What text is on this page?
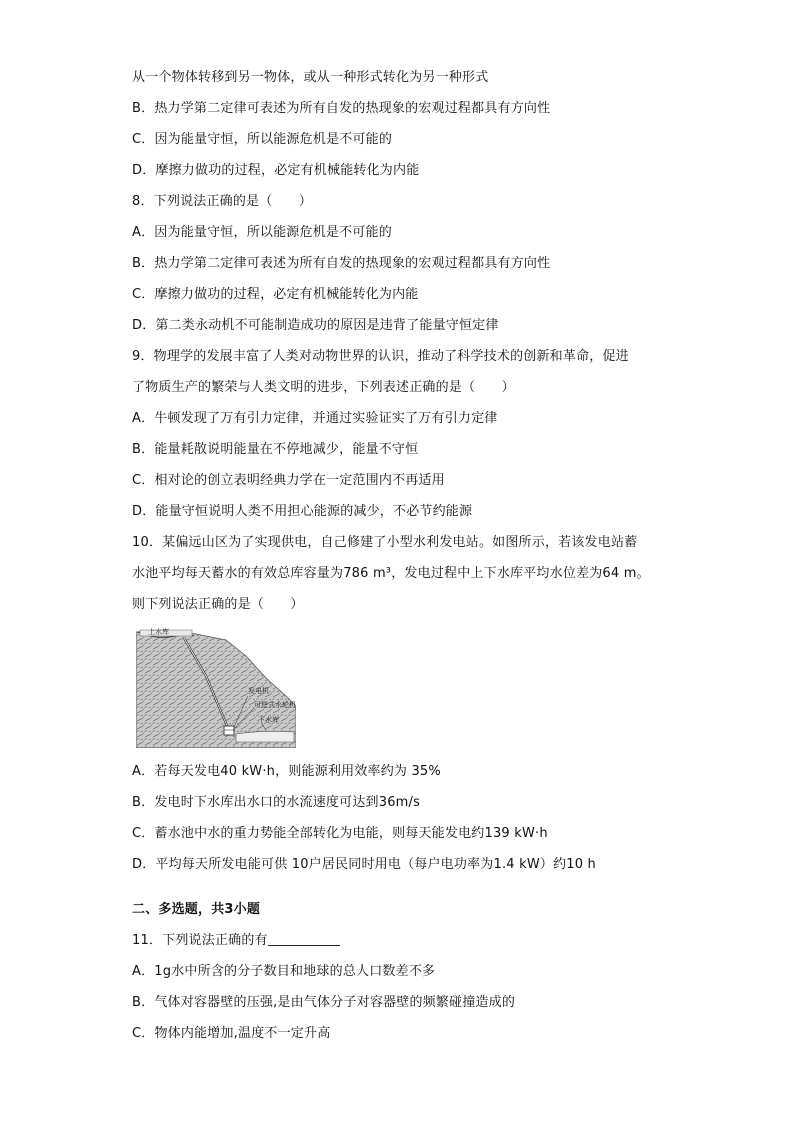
从一个物体转移到另一物体，或从一种形式转化为另一种形式
B．热力学第二定律可表述为所有自发的热现象的宏观过程都具有方向性
C．因为能量守恒，所以能源危机是不可能的
D．摩擦力做功的过程，必定有机械能转化为内能
8．下列说法正确的是（　　）
A．因为能量守恒，所以能源危机是不可能的
B．热力学第二定律可表述为所有自发的热现象的宏观过程都具有方向性
C．摩擦力做功的过程，必定有机械能转化为内能
D．第二类永动机不可能制造成功的原因是违背了能量守恒定律
9．物理学的发展丰富了人类对动物世界的认识，推动了科学技术的创新和革命，促进
了物质生产的繁荣与人类文明的进步，下列表述正确的是（　　）
A．牛顿发现了万有引力定律，并通过实验证实了万有引力定律
B．能量耗散说明能量在不停地减少，能量不守恒
C．相对论的创立表明经典力学在一定范围内不再适用
D．能量守恒说明人类不用担心能源的减少，不必节约能源
10．某偏远山区为了实现供电，自己修建了小型水利发电站。如图所示，若该发电站蓄
水池平均每天蓄水的有效总库容量为786 m³，发电过程中上下水库平均水位差为64 m。
则下列说法正确的是（　　）
上水库
发电机
可逆式水轮机
下水库
A．若每天发电40 kW·h，则能源利用效率约为 35%
B．发电时下水库出水口的水流速度可达到36m/s
C．蓄水池中水的重力势能全部转化为电能，则每天能发电约139 kW·h
D．平均每天所发电能可供 10户居民同时用电（每户电功率为1.4 kW）约10 h
二、多选题，共3小题
11．下列说法正确的有
A．1g水中所含的分子数目和地球的总人口数差不多
B．气体对容器壁的压强,是由气体分子对容器壁的频繁碰撞造成的
C．物体内能增加,温度不一定升高
